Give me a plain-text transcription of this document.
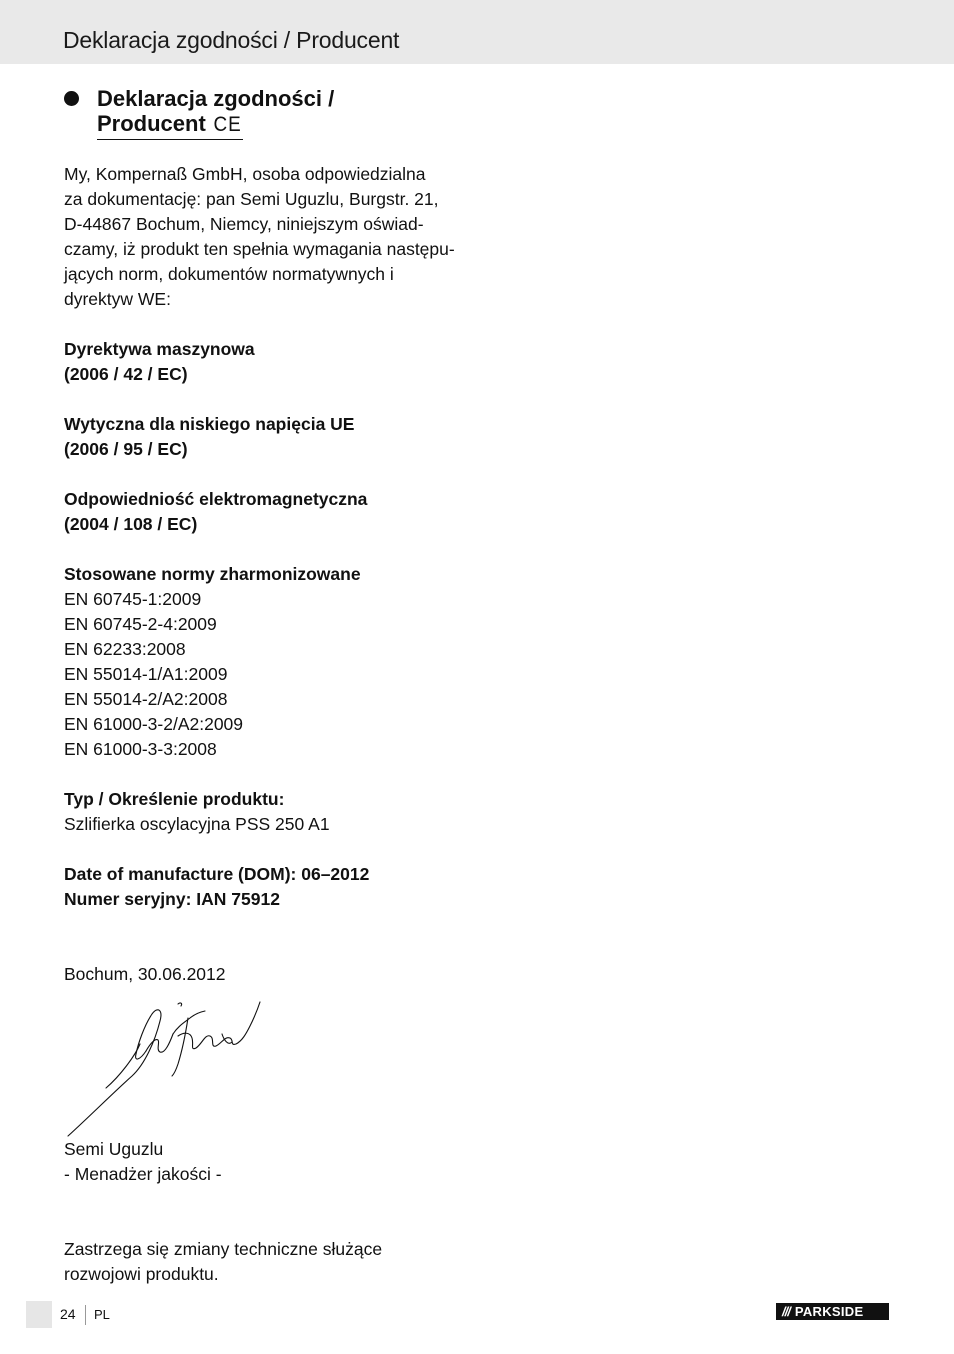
Deklaracja zgodności / Producent
Deklaracja zgodności /
Producent CE
My, Kompernaß GmbH, osoba odpowiedzialna
za dokumentację: pan Semi Uguzlu, Burgstr. 21,
D-44867 Bochum, Niemcy, niniejszym oświad-
czamy, iż produkt ten spełnia wymagania następu-
jących norm, dokumentów normatywnych i
dyrektyw WE:
Dyrektywa maszynowa
(2006 / 42 / EC)
Wytyczna dla niskiego napięcia UE
(2006 / 95 / EC)
Odpowiedniość elektromagnetyczna
(2004 / 108 / EC)
Stosowane normy zharmonizowane
EN 60745-1:2009
EN 60745-2-4:2009
EN 62233:2008
EN 55014-1/A1:2009
EN 55014-2/A2:2008
EN 61000-3-2/A2:2009
EN 61000-3-3:2008
Typ / Określenie produktu:
Szlifierka oscylacyjna PSS 250 A1
Date of manufacture (DOM): 06–2012
Numer seryjny: IAN 75912
Bochum, 30.06.2012
Semi Uguzlu
- Menadżer jakości -
Zastrzega się zmiany techniczne służące
rozwojowi produktu.
24 PL	/// PARKSIDE
